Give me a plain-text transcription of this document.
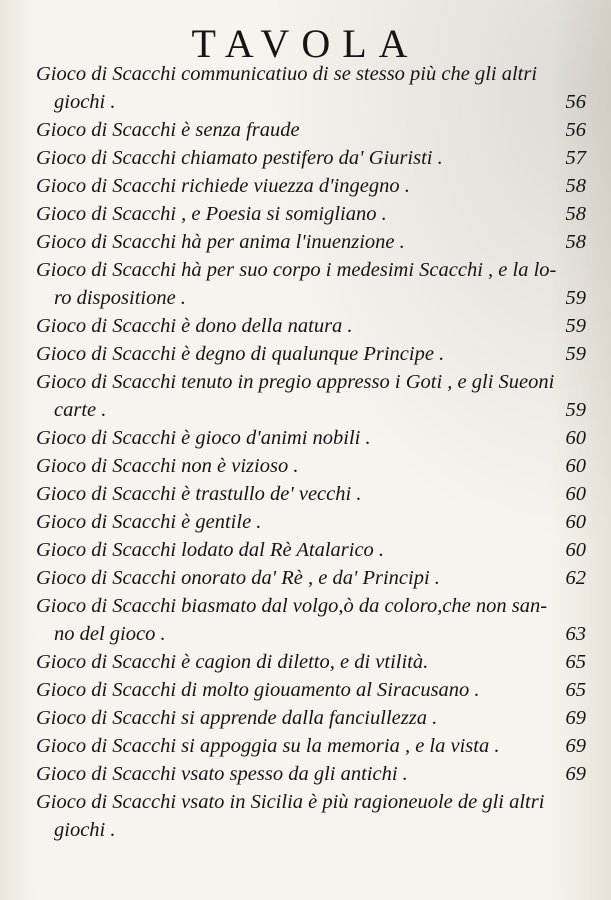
TAVOLA
Gioco di Scacchi communicatiuo di se stesso più che gli altri
giochi .	56
Gioco di Scacchi è senza fraude	56
Gioco di Scacchi chiamato pestifero da' Giuristi .	57
Gioco di Scacchi richiede viuezza d'ingegno .	58
Gioco di Scacchi , e Poesia si somigliano .	58
Gioco di Scacchi hà per anima l'inuenzione .	58
Gioco di Scacchi hà per suo corpo i medesimi Scacchi , e la lo-
ro dispositione .	59
Gioco di Scacchi è dono della natura .	59
Gioco di Scacchi è degno di qualunque Principe .	59
Gioco di Scacchi tenuto in pregio appresso i Goti , e gli Sueoni
carte .	59
Gioco di Scacchi è gioco d'animi nobili .	60
Gioco di Scacchi non è vizioso .	60
Gioco di Scacchi è trastullo de' vecchi .	60
Gioco di Scacchi è gentile .	60
Gioco di Scacchi lodato dal Rè Atalarico .	60
Gioco di Scacchi onorato da' Rè , e da' Principi .	62
Gioco di Scacchi biasmato dal volgo,ò da coloro,che non san-
no del gioco .	63
Gioco di Scacchi è cagion di diletto, e di vtilità.	65
Gioco di Scacchi di molto giouamento al Siracusano .	65
Gioco di Scacchi si apprende dalla fanciullezza .	69
Gioco di Scacchi si appoggia su la memoria , e la vista .	69
Gioco di Scacchi vsato spesso da gli antichi .	69
Gioco di Scacchi vsato in Sicilia è più ragioneuole de gli altri
giochi .
